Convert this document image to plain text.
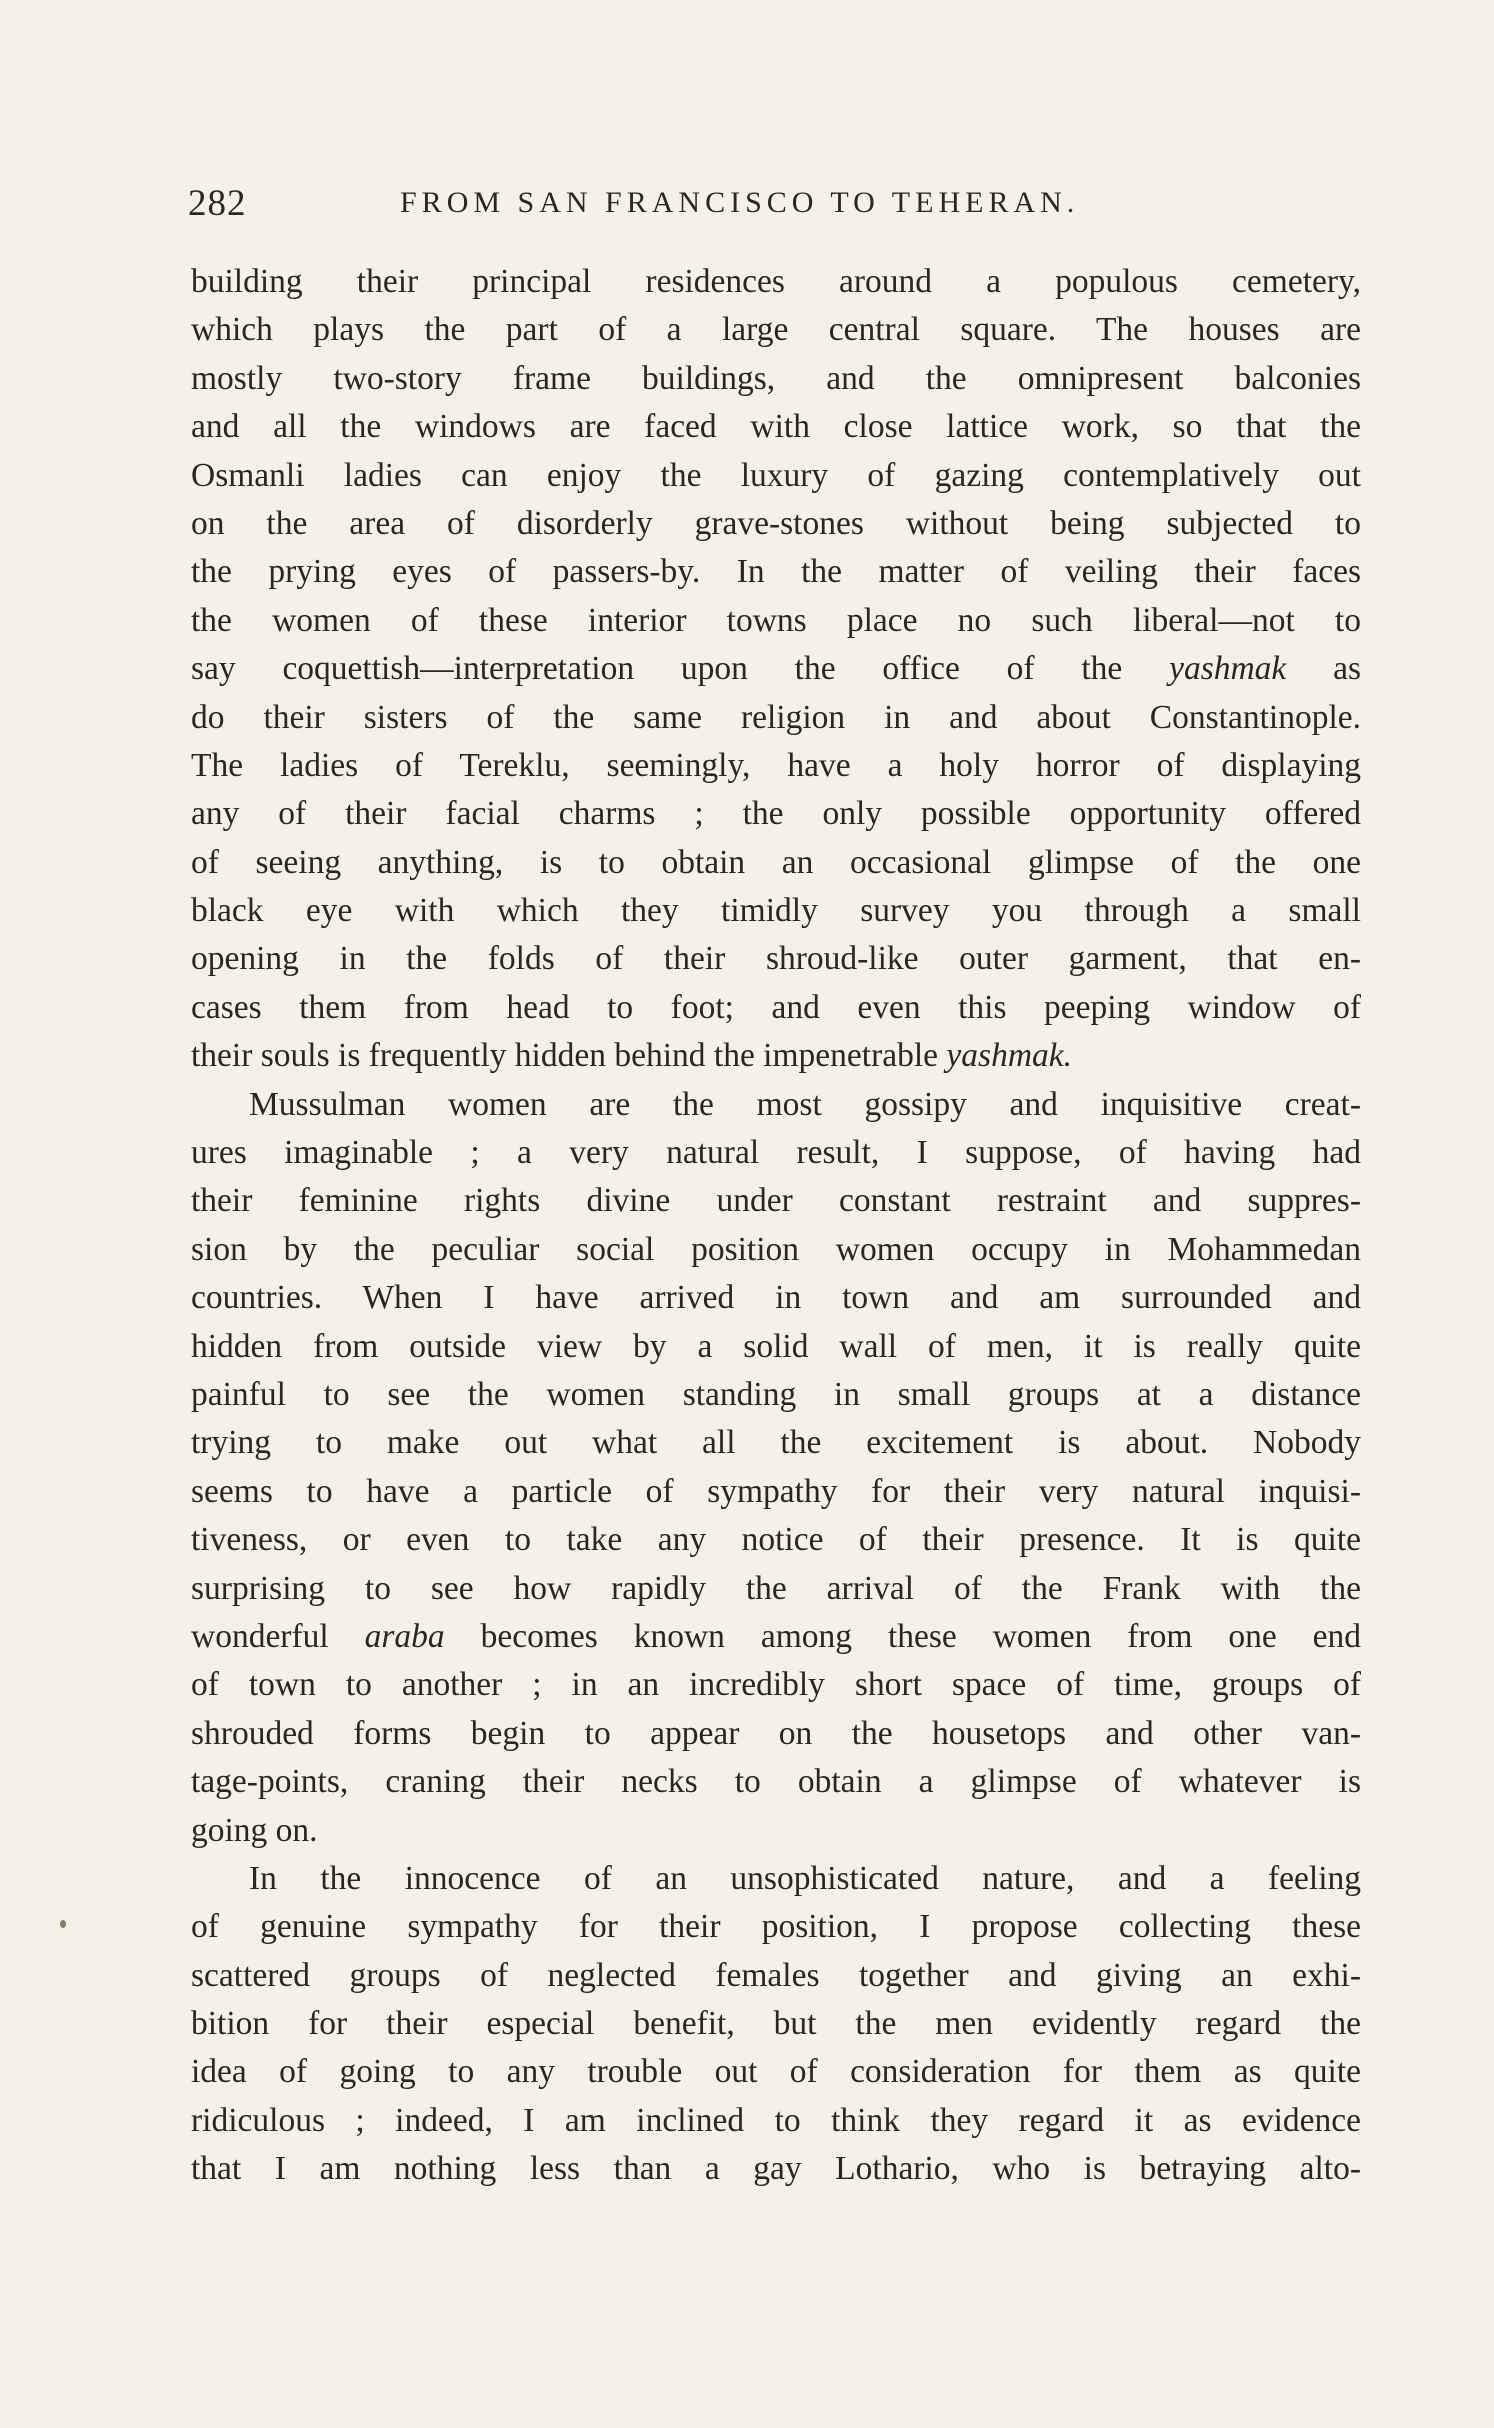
282	FROM SAN FRANCISCO TO TEHERAN.
building their principal residences around a populous cemetery,
which plays the part of a large central square. The houses are
mostly two-story frame buildings, and the omnipresent balconies
and all the windows are faced with close lattice work, so that the
Osmanli ladies can enjoy the luxury of gazing contemplatively out
on the area of disorderly grave-stones without being subjected to
the prying eyes of passers-by. In the matter of veiling their faces
the women of these interior towns place no such liberal—not to
say coquettish—interpretation upon the office of the yashmak as
do their sisters of the same religion in and about Constantinople.
The ladies of Tereklu, seemingly, have a holy horror of displaying
any of their facial charms ; the only possible opportunity offered
of seeing anything, is to obtain an occasional glimpse of the one
black eye with which they timidly survey you through a small
opening in the folds of their shroud-like outer garment, that en-
cases them from head to foot; and even this peeping window of
their souls is frequently hidden behind the impenetrable yashmak.
Mussulman women are the most gossipy and inquisitive creat-
ures imaginable ; a very natural result, I suppose, of having had
their feminine rights divine under constant restraint and suppres-
sion by the peculiar social position women occupy in Mohammedan
countries. When I have arrived in town and am surrounded and
hidden from outside view by a solid wall of men, it is really quite
painful to see the women standing in small groups at a distance
trying to make out what all the excitement is about. Nobody
seems to have a particle of sympathy for their very natural inquisi-
tiveness, or even to take any notice of their presence. It is quite
surprising to see how rapidly the arrival of the Frank with the
wonderful araba becomes known among these women from one end
of town to another ; in an incredibly short space of time, groups of
shrouded forms begin to appear on the housetops and other van-
tage-points, craning their necks to obtain a glimpse of whatever is
going on.
In the innocence of an unsophisticated nature, and a feeling
of genuine sympathy for their position, I propose collecting these
scattered groups of neglected females together and giving an exhi-
bition for their especial benefit, but the men evidently regard the
idea of going to any trouble out of consideration for them as quite
ridiculous ; indeed, I am inclined to think they regard it as evidence
that I am nothing less than a gay Lothario, who is betraying alto-
